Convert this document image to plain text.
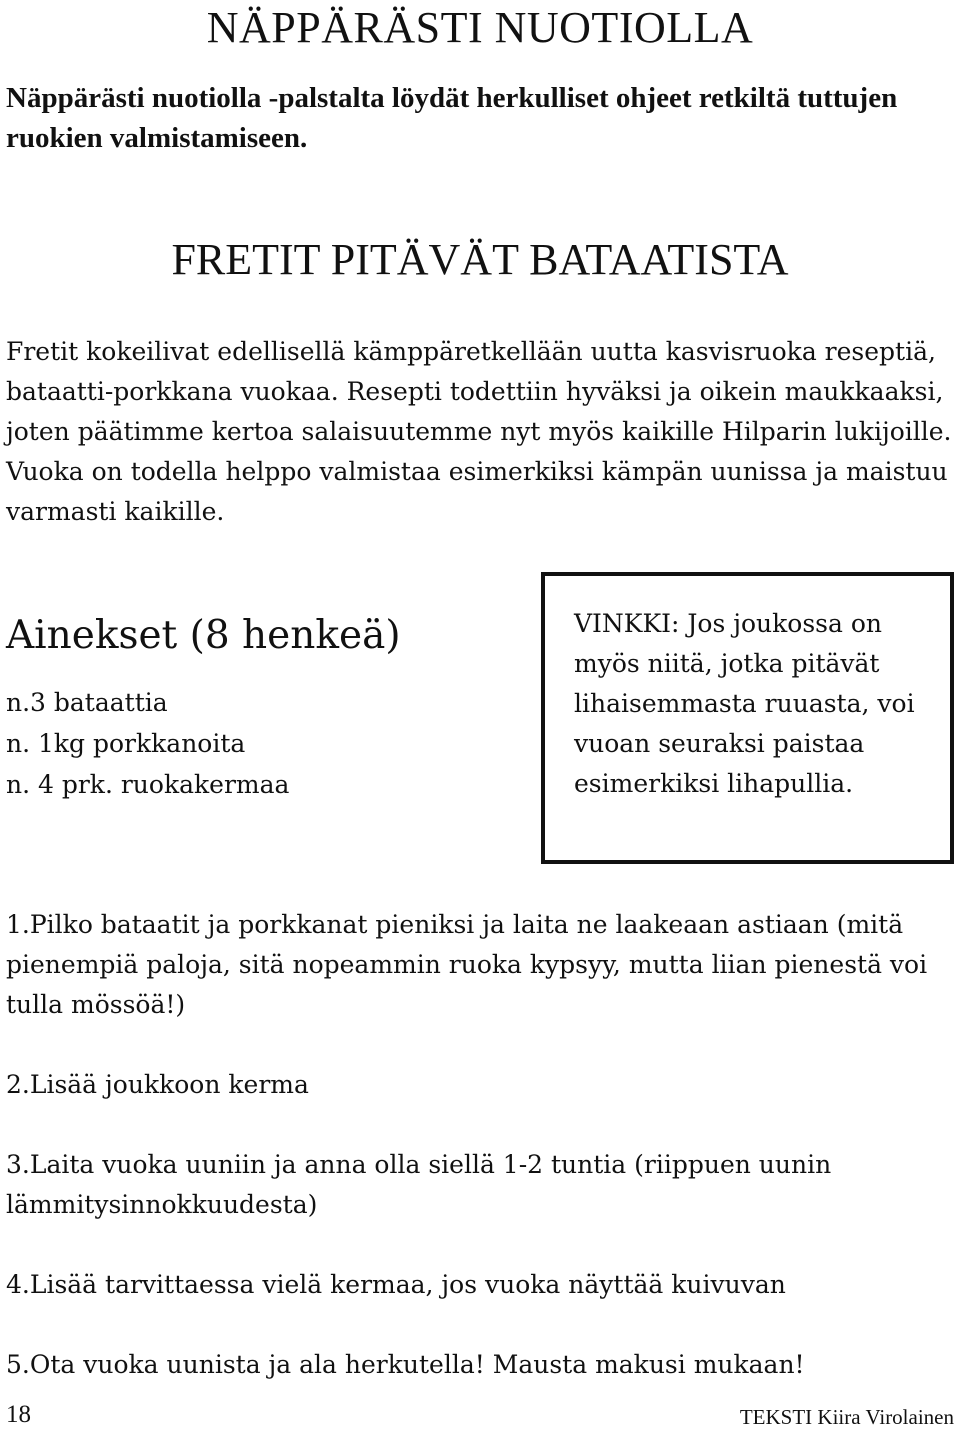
NÄPPÄRÄSTI NUOTIOLLA

Näppärästi nuotiolla -palstalta löydät herkulliset ohjeet retkiltä tuttujen ruokien valmistamiseen.

FRETIT PITÄVÄT BATAATISTA

Fretit kokeilivat edellisellä kämppäretkellään uutta kasvisruoka reseptiä, bataatti-porkkana vuokaa. Resepti todettiin hyväksi ja oikein maukkaaksi, joten päätimme kertoa salaisuutemme nyt myös kaikille Hilparin lukijoille. Vuoka on todella helppo valmistaa esimerkiksi kämpän uunissa ja maistuu varmasti kaikille.

Ainekset (8 henkeä)
n.3 bataattia
n. 1kg porkkanoita
n. 4 prk. ruokakermaa

VINKKI: Jos joukossa on myös niitä, jotka pitävät lihaisemmasta ruuasta, voi vuoan seuraksi paistaa esimerkiksi lihapullia.

1.Pilko bataatit ja porkkanat pieniksi ja laita ne laakeaan astiaan (mitä pienempiä paloja, sitä nopeammin ruoka kypsyy, mutta liian pienestä voi tulla mössöä!)
2.Lisää joukkoon kerma
3.Laita vuoka uuniin ja anna olla siellä 1-2 tuntia (riippuen uunin lämmitysinnokkuudesta)
4.Lisää tarvittaessa vielä kermaa, jos vuoka näyttää kuivuvan
5.Ota vuoka uunista ja ala herkutella! Mausta makusi mukaan!
18	TEKSTI Kiira Virolainen
